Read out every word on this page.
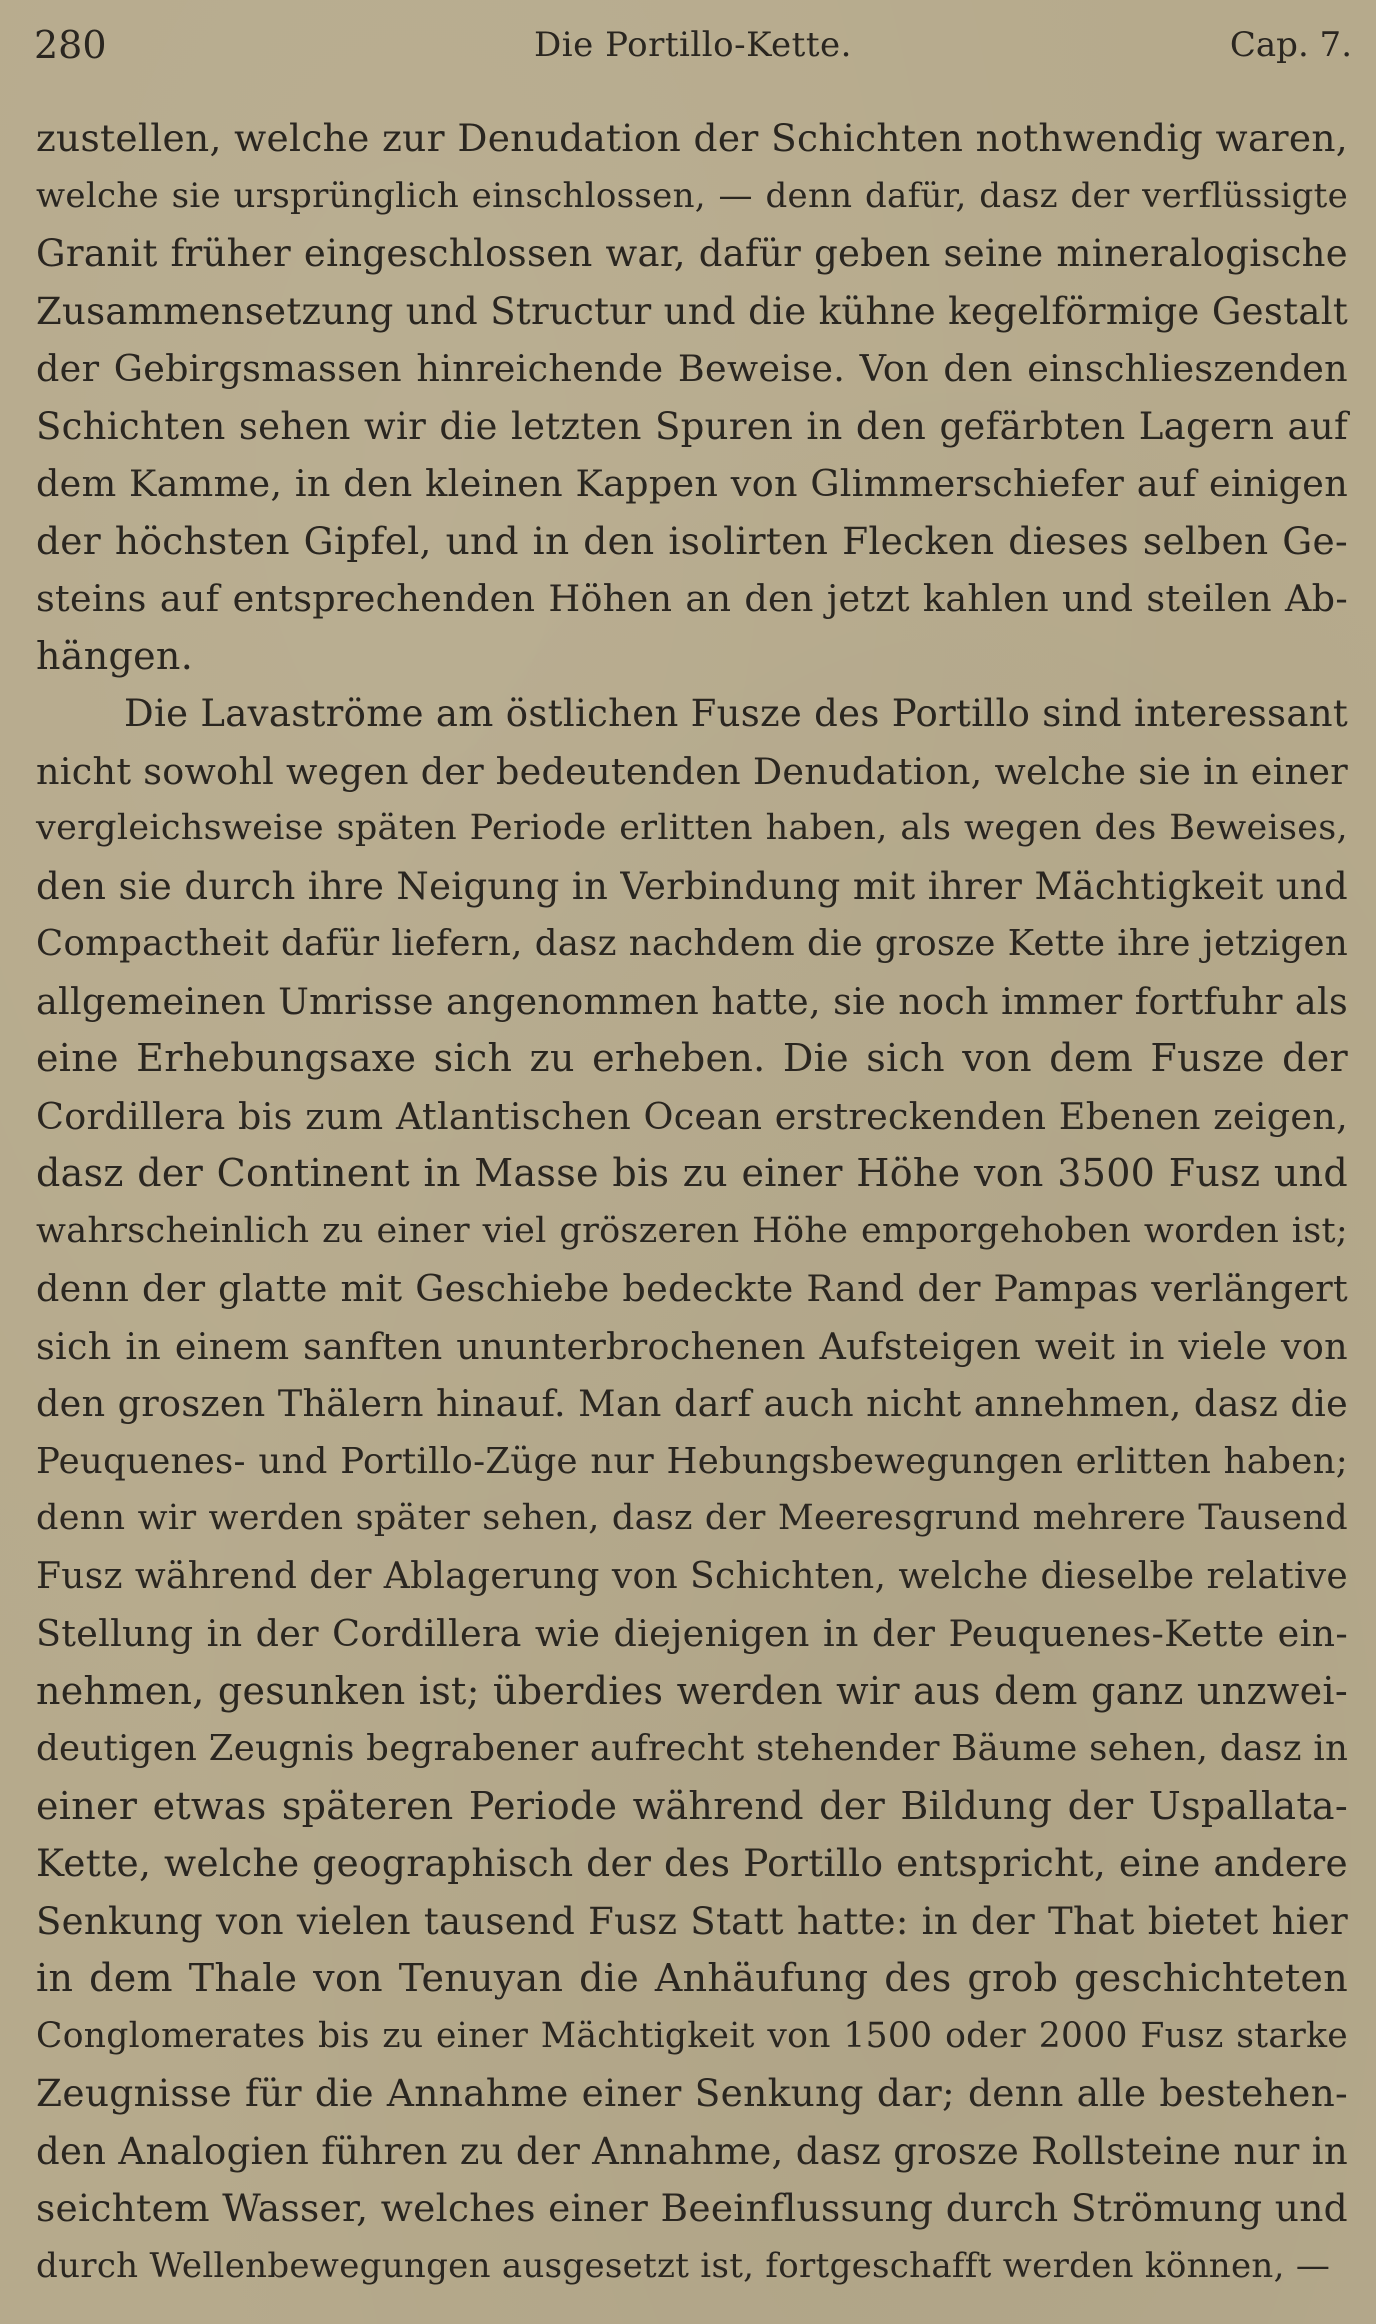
280	Die Portillo-Kette.	Cap. 7.
zustellen, welche zur Denudation der Schichten nothwendig waren,
welche sie ursprünglich einschlossen, — denn dafür, dasz der verflüssigte
Granit früher eingeschlossen war, dafür geben seine mineralogische
Zusammensetzung und Structur und die kühne kegelförmige Gestalt
der Gebirgsmassen hinreichende Beweise. Von den einschlieszenden
Schichten sehen wir die letzten Spuren in den gefärbten Lagern auf
dem Kamme, in den kleinen Kappen von Glimmerschiefer auf einigen
der höchsten Gipfel, und in den isolirten Flecken dieses selben Ge-
steins auf entsprechenden Höhen an den jetzt kahlen und steilen Ab-
hängen.
Die Lavaströme am östlichen Fusze des Portillo sind interessant
nicht sowohl wegen der bedeutenden Denudation, welche sie in einer
vergleichsweise späten Periode erlitten haben, als wegen des Beweises,
den sie durch ihre Neigung in Verbindung mit ihrer Mächtigkeit und
Compactheit dafür liefern, dasz nachdem die grosze Kette ihre jetzigen
allgemeinen Umrisse angenommen hatte, sie noch immer fortfuhr als
eine Erhebungsaxe sich zu erheben. Die sich von dem Fusze der
Cordillera bis zum Atlantischen Ocean erstreckenden Ebenen zeigen,
dasz der Continent in Masse bis zu einer Höhe von 3500 Fusz und
wahrscheinlich zu einer viel gröszeren Höhe emporgehoben worden ist;
denn der glatte mit Geschiebe bedeckte Rand der Pampas verlängert
sich in einem sanften ununterbrochenen Aufsteigen weit in viele von
den groszen Thälern hinauf. Man darf auch nicht annehmen, dasz die
Peuquenes- und Portillo-Züge nur Hebungsbewegungen erlitten haben;
denn wir werden später sehen, dasz der Meeresgrund mehrere Tausend
Fusz während der Ablagerung von Schichten, welche dieselbe relative
Stellung in der Cordillera wie diejenigen in der Peuquenes-Kette ein-
nehmen, gesunken ist; überdies werden wir aus dem ganz unzwei-
deutigen Zeugnis begrabener aufrecht stehender Bäume sehen, dasz in
einer etwas späteren Periode während der Bildung der Uspallata-
Kette, welche geographisch der des Portillo entspricht, eine andere
Senkung von vielen tausend Fusz Statt hatte: in der That bietet hier
in dem Thale von Tenuyan die Anhäufung des grob geschichteten
Conglomerates bis zu einer Mächtigkeit von 1500 oder 2000 Fusz starke
Zeugnisse für die Annahme einer Senkung dar; denn alle bestehen-
den Analogien führen zu der Annahme, dasz grosze Rollsteine nur in
seichtem Wasser, welches einer Beeinflussung durch Strömung und
durch Wellenbewegungen ausgesetzt ist, fortgeschafft werden können, —
